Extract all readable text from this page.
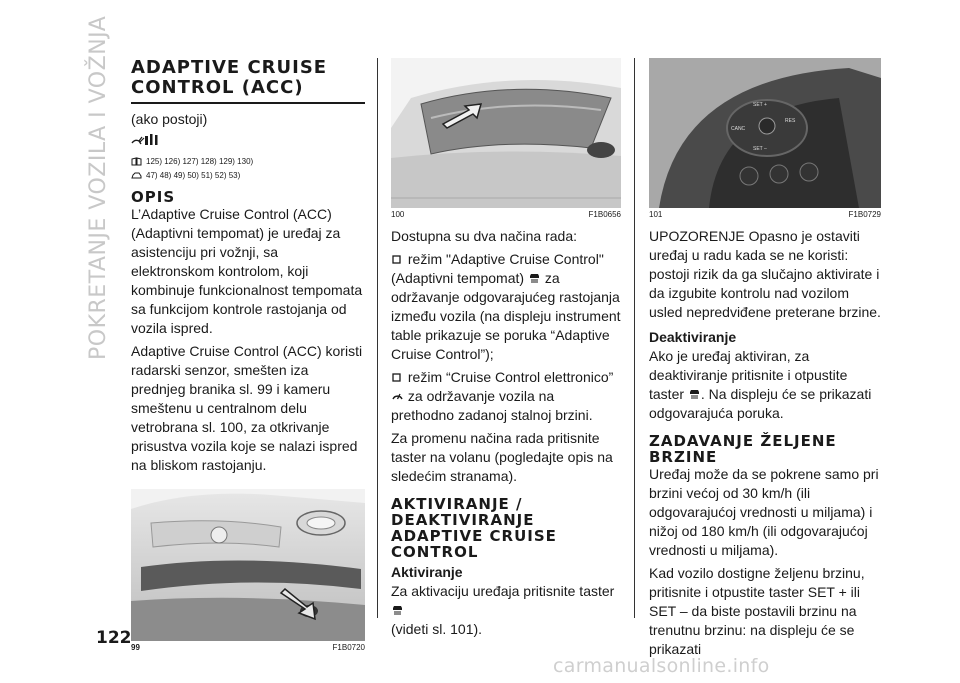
POKRETANJE VOZILA I VOŽNJA
122
ADAPTIVE CRUISE
CONTROL (ACC)

(ako postoji)

125) 126) 127) 128) 129) 130)
47) 48) 49) 50) 51) 52) 53)
OPIS

L’Adaptive Cruise Control (ACC) (Adaptivni tempomat) je uređaj za asistenciju pri vožnji, sa elektronskom kontrolom, koji kombinuje funkcionalnost tempomata sa funkcijom kontrole rastojanja od vozila ispred.

Adaptive Cruise Control (ACC) koristi radarski senzor, smešten iza prednjeg branika sl. 99 i kameru smeštenu u centralnom delu vetrobrana sl. 100, za otkrivanje prisustva vozila koje se nalazi ispred na bliskom rastojanju.

99	F1B0720
100	F1B0656

Dostupna su dva načina rada:

režim "Adaptive Cruise Control" (Adaptivni tempomat) za održavanje odgovarajućeg rastojanja između vozila (na displeju instrument table prikazuje se poruka “Adaptive Cruise Control”);

režim “Cruise Control elettronico”
za održavanje vozila na prethodno zadanoj stalnoj brzini.

Za promenu načina rada pritisnite taster na volanu (pogledajte opis na sledećim stranama).

AKTIVIRANJE /
DEAKTIVIRANJE
ADAPTIVE CRUISE
CONTROL
Aktiviranje

Za aktivaciju uređaja pritisnite taster
(videti sl. 101).

SET +
CANC
RES
SET –
101	F1B0729

UPOZORENJE Opasno je ostaviti uređaj u radu kada se ne koristi: postoji rizik da ga slučajno aktivirate i da izgubite kontrolu nad vozilom usled nepredviđene preterane brzine.

Deaktiviranje

Ako je uređaj aktiviran, za deaktiviranje pritisnite i otpustite taster . Na displeju će se prikazati odgovarajuća poruka.

ZADAVANJE ŽELJENE
BRZINE

Uređaj može da se pokrene samo pri brzini većoj od 30 km/h (ili odgovarajućoj vrednosti u miljama) i nižoj od 180 km/h (ili odgovarajućoj vrednosti u miljama).

Kad vozilo dostigne željenu brzinu, pritisnite i otpustite taster SET + ili SET – da biste postavili brzinu na trenutnu brzinu: na displeju će se prikazati

carmanualsonline.info
